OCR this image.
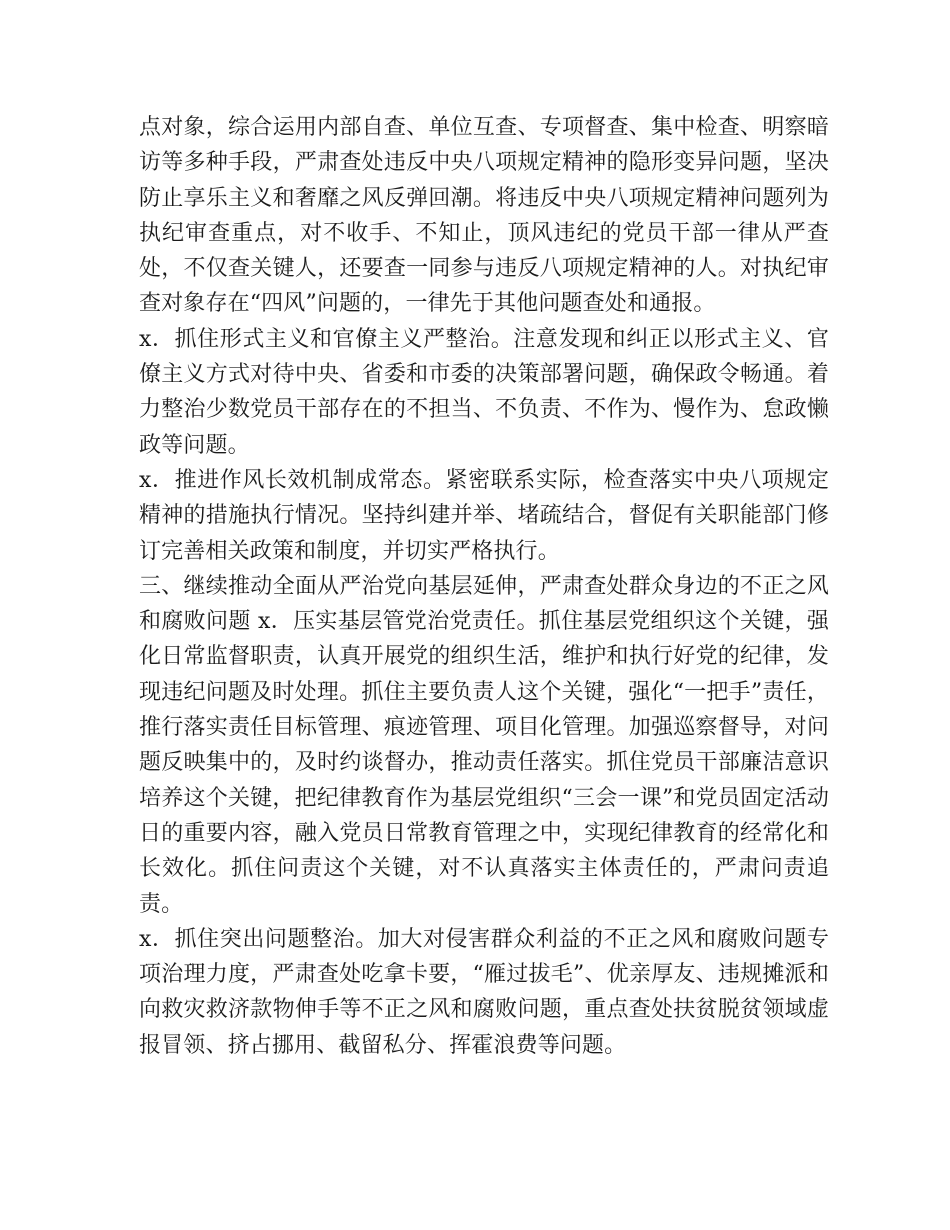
点对象，综合运用内部自查、单位互查、专项督查、集中检查、明察暗访等多种手段，严肃查处违反中央八项规定精神的隐形变异问题，坚决防止享乐主义和奢靡之风反弹回潮。将违反中央八项规定精神问题列为执纪审查重点，对不收手、不知止，顶风违纪的党员干部一律从严查处，不仅查关键人，还要查一同参与违反八项规定精神的人。对执纪审查对象存在“四风”问题的，一律先于其他问题查处和通报。

x．抓住形式主义和官僚主义严整治。注意发现和纠正以形式主义、官僚主义方式对待中央、省委和市委的决策部署问题，确保政令畅通。着力整治少数党员干部存在的不担当、不负责、不作为、慢作为、怠政懒政等问题。

x．推进作风长效机制成常态。紧密联系实际，检查落实中央八项规定精神的措施执行情况。坚持纠建并举、堵疏结合，督促有关职能部门修订完善相关政策和制度，并切实严格执行。

三、继续推动全面从严治党向基层延伸，严肃查处群众身边的不正之风和腐败问题 x．压实基层管党治党责任。抓住基层党组织这个关键，强化日常监督职责，认真开展党的组织生活，维护和执行好党的纪律，发现违纪问题及时处理。抓住主要负责人这个关键，强化“一把手”责任，推行落实责任目标管理、痕迹管理、项目化管理。加强巡察督导，对问题反映集中的，及时约谈督办，推动责任落实。抓住党员干部廉洁意识培养这个关键，把纪律教育作为基层党组织“三会一课”和党员固定活动日的重要内容，融入党员日常教育管理之中，实现纪律教育的经常化和长效化。抓住问责这个关键，对不认真落实主体责任的，严肃问责追责。

x．抓住突出问题整治。加大对侵害群众利益的不正之风和腐败问题专项治理力度，严肃查处吃拿卡要，“雁过拔毛”、优亲厚友、违规摊派和向救灾救济款物伸手等不正之风和腐败问题，重点查处扶贫脱贫领域虚报冒领、挤占挪用、截留私分、挥霍浪费等问题。
